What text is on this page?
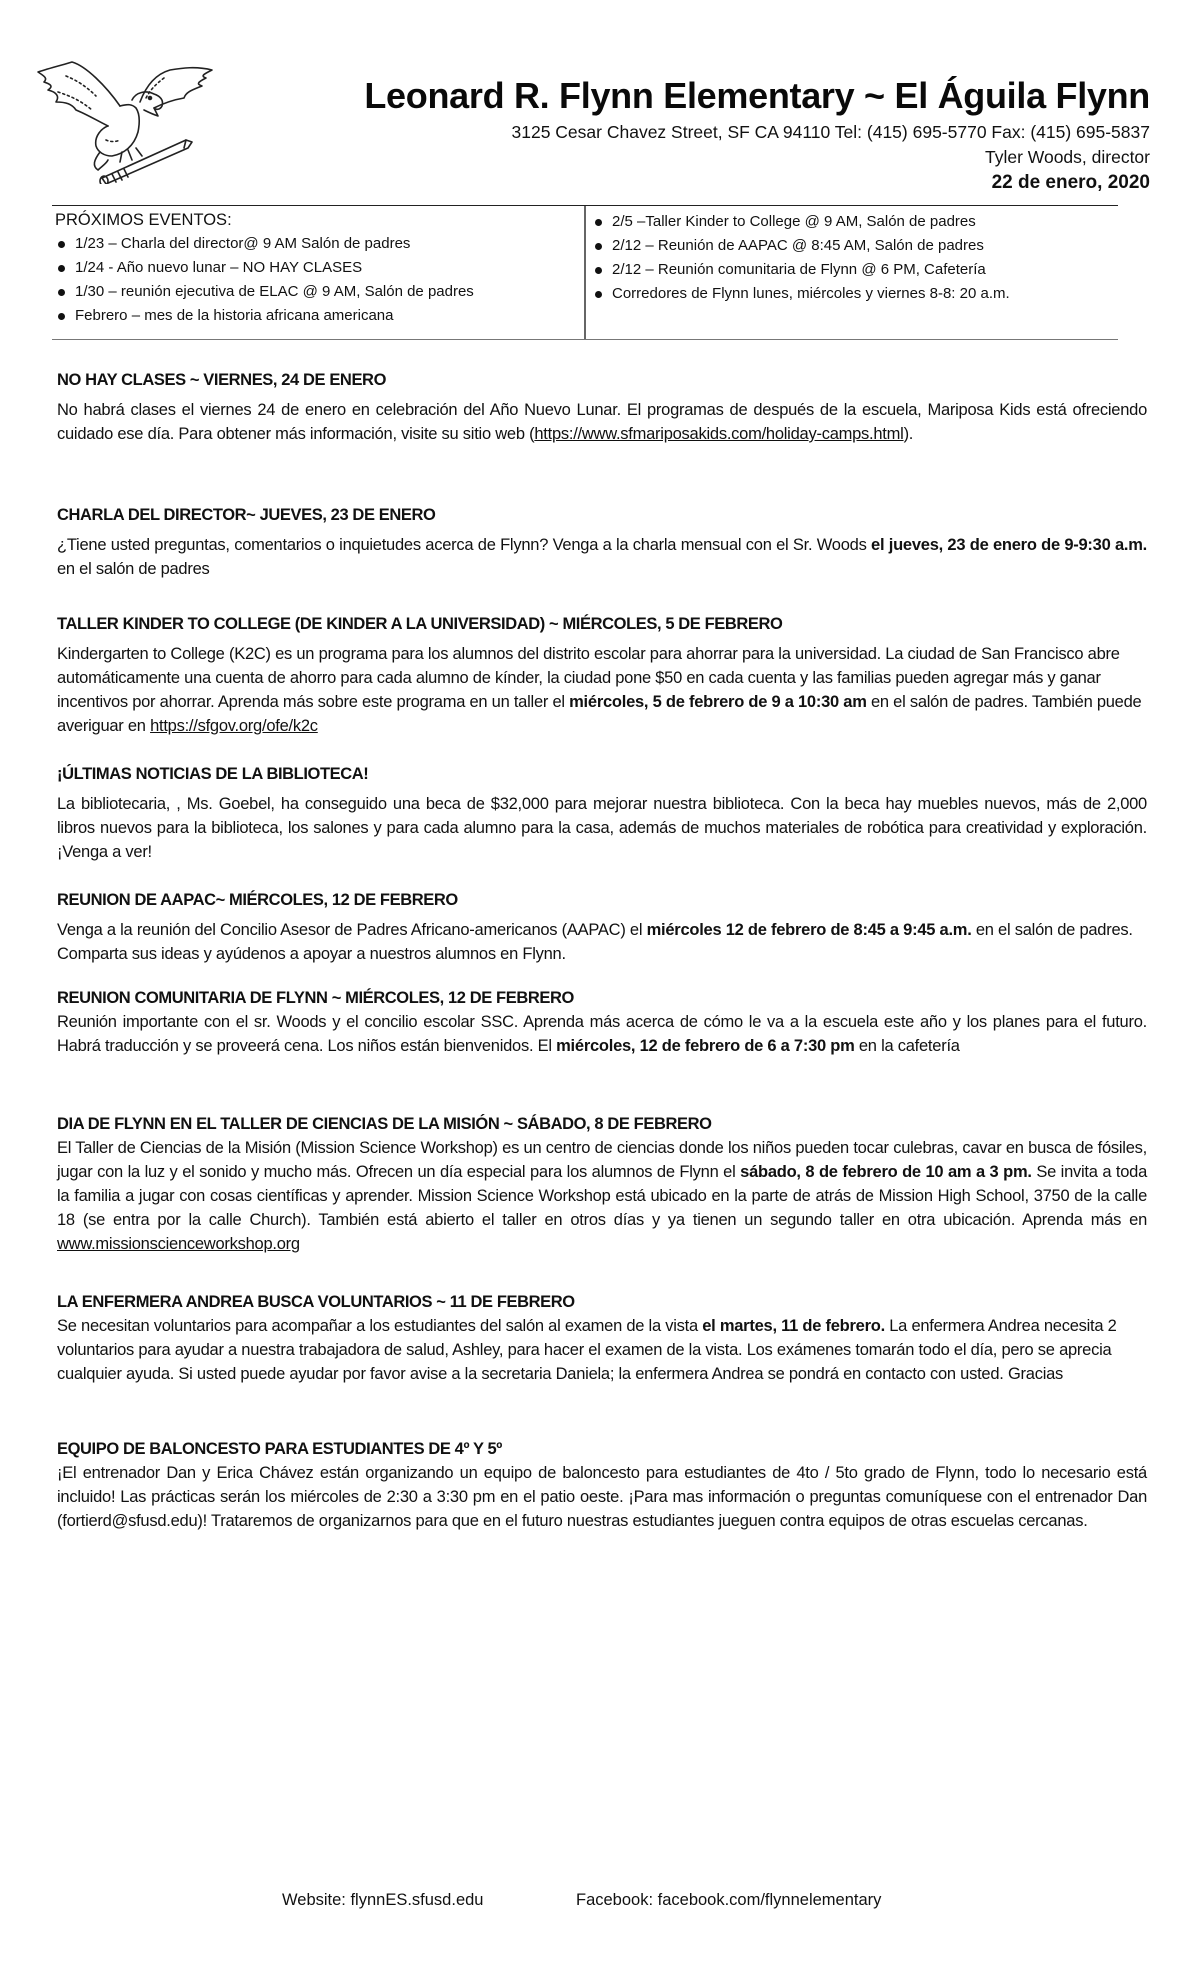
Leonard R. Flynn Elementary ~ El Águila Flynn
3125 Cesar Chavez Street, SF CA 94110 Tel: (415) 695-5770 Fax: (415) 695-5837
Tyler Woods, director
22 de enero, 2020
PRÓXIMOS EVENTOS:
1/23 – Charla del director@ 9 AM Salón de padres
1/24 - Año nuevo lunar – NO HAY CLASES
1/30 – reunión ejecutiva de ELAC @ 9 AM, Salón de padres
Febrero – mes de la historia africana americana
2/5 –Taller Kinder to College @ 9 AM, Salón de padres
2/12 – Reunión de AAPAC @ 8:45 AM, Salón de padres
2/12 – Reunión comunitaria de Flynn @ 6 PM, Cafetería
Corredores de Flynn lunes, miércoles y viernes 8-8: 20 a.m.
NO HAY CLASES ~ VIERNES, 24 DE ENERO

No habrá clases el viernes 24 de enero en celebración del Año Nuevo Lunar. El programas de después de la escuela, Mariposa Kids está ofreciendo cuidado ese día. Para obtener más información, visite su sitio web (https://www.sfmariposakids.com/holiday-camps.html).

CHARLA DEL DIRECTOR~ JUEVES, 23 DE ENERO

¿Tiene usted preguntas, comentarios o inquietudes acerca de Flynn? Venga a la charla mensual con el Sr. Woods el jueves, 23 de enero de 9-9:30 a.m. en el salón de padres

TALLER KINDER TO COLLEGE (DE KINDER A LA UNIVERSIDAD) ~ MIÉRCOLES, 5 DE FEBRERO

Kindergarten to College (K2C) es un programa para los alumnos del distrito escolar para ahorrar para la universidad. La ciudad de San Francisco abre automáticamente una cuenta de ahorro para cada alumno de kínder, la ciudad pone $50 en cada cuenta y las familias pueden agregar más y ganar incentivos por ahorrar. Aprenda más sobre este programa en un taller el miércoles, 5 de febrero de 9 a 10:30 am en el salón de padres. También puede averiguar en https://sfgov.org/ofe/k2c

¡ÚLTIMAS NOTICIAS DE LA BIBLIOTECA!

La bibliotecaria, , Ms. Goebel, ha conseguido una beca de $32,000 para mejorar nuestra biblioteca. Con la beca hay muebles nuevos, más de 2,000 libros nuevos para la biblioteca, los salones y para cada alumno para la casa, además de muchos materiales de robótica para creatividad y exploración. ¡Venga a ver!

REUNION DE AAPAC~ MIÉRCOLES, 12 DE FEBRERO

Venga a la reunión del Concilio Asesor de Padres Africano-americanos (AAPAC) el miércoles 12 de febrero de 8:45 a 9:45 a.m. en el salón de padres. Comparta sus ideas y ayúdenos a apoyar a nuestros alumnos en Flynn.

REUNION COMUNITARIA DE FLYNN ~ MIÉRCOLES, 12 DE FEBRERO

Reunión importante con el sr. Woods y el concilio escolar SSC. Aprenda más acerca de cómo le va a la escuela este año y los planes para el futuro. Habrá traducción y se proveerá cena. Los niños están bienvenidos. El miércoles, 12 de febrero de 6 a 7:30 pm en la cafetería

DIA DE FLYNN EN EL TALLER DE CIENCIAS DE LA MISIÓN ~ SÁBADO, 8 DE FEBRERO

El Taller de Ciencias de la Misión (Mission Science Workshop) es un centro de ciencias donde los niños pueden tocar culebras, cavar en busca de fósiles, jugar con la luz y el sonido y mucho más. Ofrecen un día especial para los alumnos de Flynn el sábado, 8 de febrero de 10 am a 3 pm. Se invita a toda la familia a jugar con cosas científicas y aprender. Mission Science Workshop está ubicado en la parte de atrás de Mission High School, 3750 de la calle 18 (se entra por la calle Church). También está abierto el taller en otros días y ya tienen un segundo taller en otra ubicación. Aprenda más en www.missionscienceworkshop.org

LA ENFERMERA ANDREA BUSCA VOLUNTARIOS ~ 11 DE FEBRERO

Se necesitan voluntarios para acompañar a los estudiantes del salón al examen de la vista el martes, 11 de febrero. La enfermera Andrea necesita 2 voluntarios para ayudar a nuestra trabajadora de salud, Ashley, para hacer el examen de la vista. Los exámenes tomarán todo el día, pero se aprecia cualquier ayuda. Si usted puede ayudar por favor avise a la secretaria Daniela; la enfermera Andrea se pondrá en contacto con usted. Gracias

EQUIPO DE BALONCESTO PARA ESTUDIANTES DE 4º Y 5º

¡El entrenador Dan y Erica Chávez están organizando un equipo de baloncesto para estudiantes de 4to / 5to grado de Flynn, todo lo necesario está incluido! Las prácticas serán los miércoles de 2:30 a 3:30 pm en el patio oeste. ¡Para mas información o preguntas comuníquese con el entrenador Dan (fortierd@sfusd.edu)! Trataremos de organizarnos para que en el futuro nuestras estudiantes jueguen contra equipos de otras escuelas cercanas.

Website: flynnES.sfusd.edu	Facebook: facebook.com/flynnelementary
